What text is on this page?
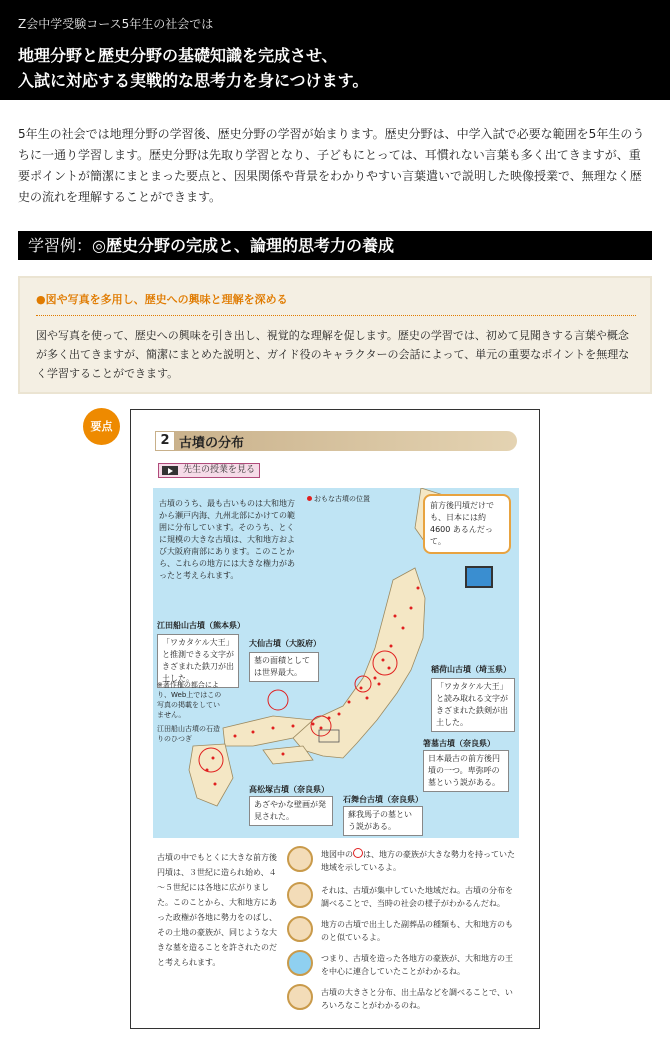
Z会中学受験コース5年生の社会では
地理分野と歴史分野の基礎知識を完成させ、
入試に対応する実戦的な思考力を身につけます。
5年生の社会では地理分野の学習後、歴史分野の学習が始まります。歴史分野は、中学入試で必要な範囲を5年生のうちに一通り学習します。歴史分野は先取り学習となり、子どもにとっては、耳慣れない言葉も多く出てきますが、重要ポイントが簡潔にまとまった要点と、因果関係や背景をわかりやすい言葉遣いで説明した映像授業で、無理なく歴史の流れを理解することができます。
学習例：◎歴史分野の完成と、論理的思考力の養成
●図や写真を多用し、歴史への興味と理解を深める
図や写真を使って、歴史への興味を引き出し、視覚的な理解を促します。歴史の学習では、初めて見聞きする言葉や概念が多く出てきますが、簡潔にまとめた説明と、ガイド役のキャラクターの会話によって、単元の重要なポイントを無理なく学習することができます。
要点
2 古墳の分布
先生の授業を見る
古墳のうち、最も古いものは大和地方から瀬戸内海、九州北部にかけての範囲に分布しています。そのうち、とくに規模の大きな古墳は、大和地方および大阪府南部にあります。このことから、これらの地方には大きな権力があったと考えられます。
おもな古墳の位置
前方後円墳だけでも、日本には約 4600 あるんだって。
江田船山古墳（熊本県）
「ワカタケル大王」と推測できる文字がきざまれた鉄刀が出土した。
大仙古墳（大阪府）
墓の面積としては世界最大。	稲荷山古墳（埼玉県）
「ワカタケル大王」と読み取れる文字がきざまれた鉄剣が出土した。
箸墓古墳（奈良県）
日本最古の前方後円墳の一つ。卑弥呼の墓という説がある。
高松塚古墳（奈良県）
あざやかな壁画が発見された。
石舞台古墳（奈良県）
蘇我馬子の墓という説がある。
※著作権の都合により、Web上ではこの写真の掲載をしていません。
江田船山古墳の石造りのひつぎ
古墳の中でもとくに大きな前方後円墳は、３世紀に造られ始め、４～５世紀には各地に広がりました。このことから、大和地方にあった政権が各地に勢力をのばし、その土地の豪族が、同じような大きな墓を造ることを許されたのだと考えられます。
地図中の は、地方の豪族が大きな勢力を持っていた地域を示しているよ。
それは、古墳が集中していた地域だね。古墳の分布を調べることで、当時の社会の様子がわかるんだね。
地方の古墳で出土した副葬品の種類も、大和地方のものと似ているよ。
つまり、古墳を造った各地方の豪族が、大和地方の王を中心に連合していたことがわかるね。
古墳の大きさと分布、出土品などを調べることで、いろいろなことがわかるのね。
